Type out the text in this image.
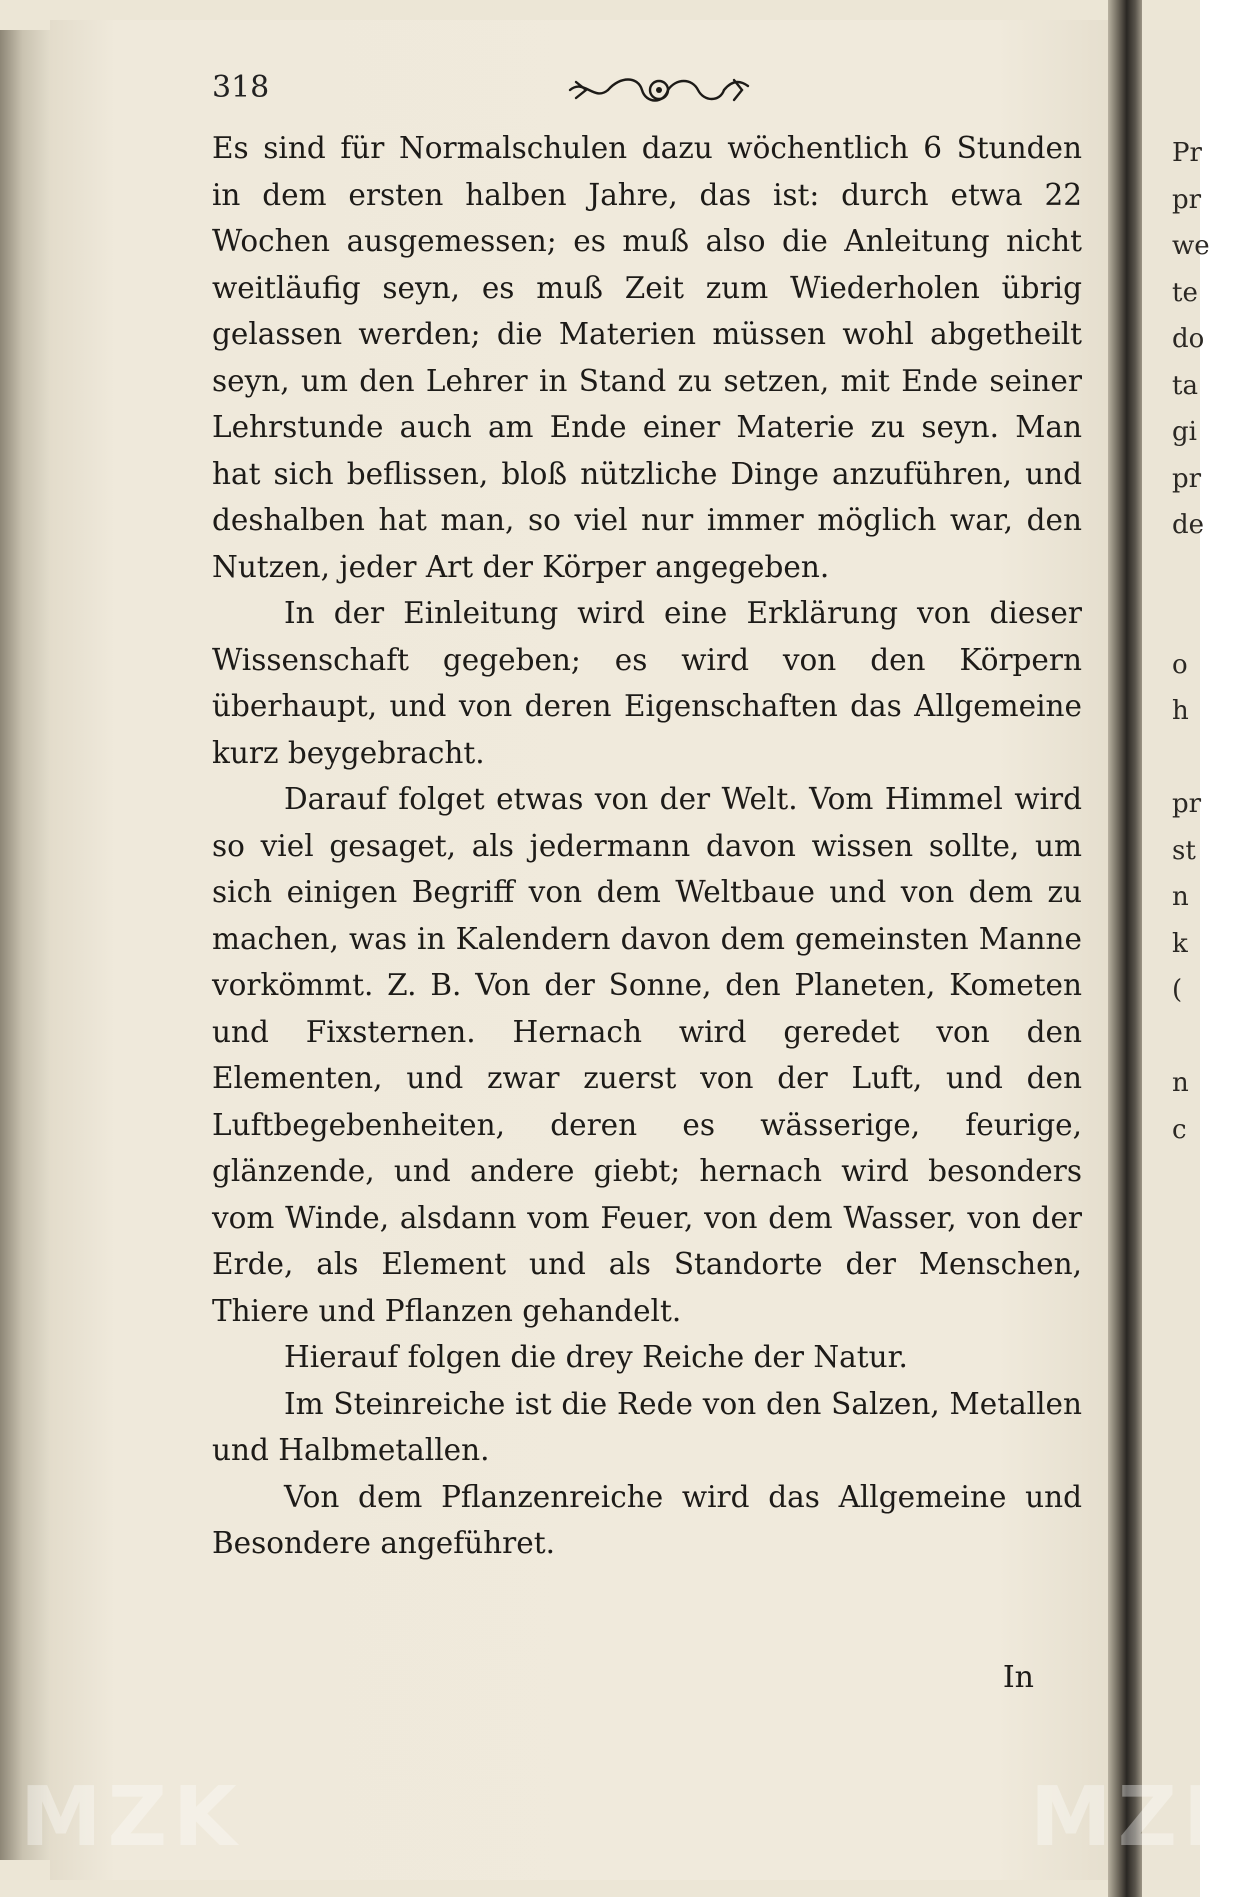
Pr
pr
we
te
do
ta
gi
pr
de

o
h

pr
st
n
k
(

n
c
318

Es sind für Normalschulen dazu wöchentlich 6 Stunden in dem ersten halben Jahre, das ist: durch etwa 22 Wochen ausgemessen; es muß also die Anleitung nicht weitläufig seyn, es muß Zeit zum Wiederholen übrig gelassen werden; die Materien müssen wohl abgetheilt seyn, um den Lehrer in Stand zu setzen, mit Ende seiner Lehrstunde auch am Ende einer Materie zu seyn. Man hat sich beflissen, bloß nützliche Dinge anzuführen, und deshalben hat man, so viel nur immer möglich war, den Nutzen, jeder Art der Körper angegeben.

In der Einleitung wird eine Erklärung von dieser Wissenschaft gegeben; es wird von den Körpern überhaupt, und von deren Eigenschaften das Allgemeine kurz beygebracht.

Darauf folget etwas von der Welt. Vom Himmel wird so viel gesaget, als jedermann davon wissen sollte, um sich einigen Begriff von dem Weltbaue und von dem zu machen, was in Kalendern davon dem gemeinsten Manne vorkömmt. Z. B. Von der Sonne, den Planeten, Kometen und Fixsternen. Hernach wird geredet von den Elementen, und zwar zuerst von der Luft, und den Luftbegebenheiten, deren es wässerige, feurige, glänzende, und andere giebt; hernach wird besonders vom Winde, alsdann vom Feuer, von dem Wasser, von der Erde, als Element und als Standorte der Menschen, Thiere und Pflanzen gehandelt.

Hierauf folgen die drey Reiche der Natur.

Im Steinreiche ist die Rede von den Salzen, Metallen und Halbmetallen.

Von dem Pflanzenreiche wird das Allgemeine und Besondere angeführet.

In
MZK	MZK
